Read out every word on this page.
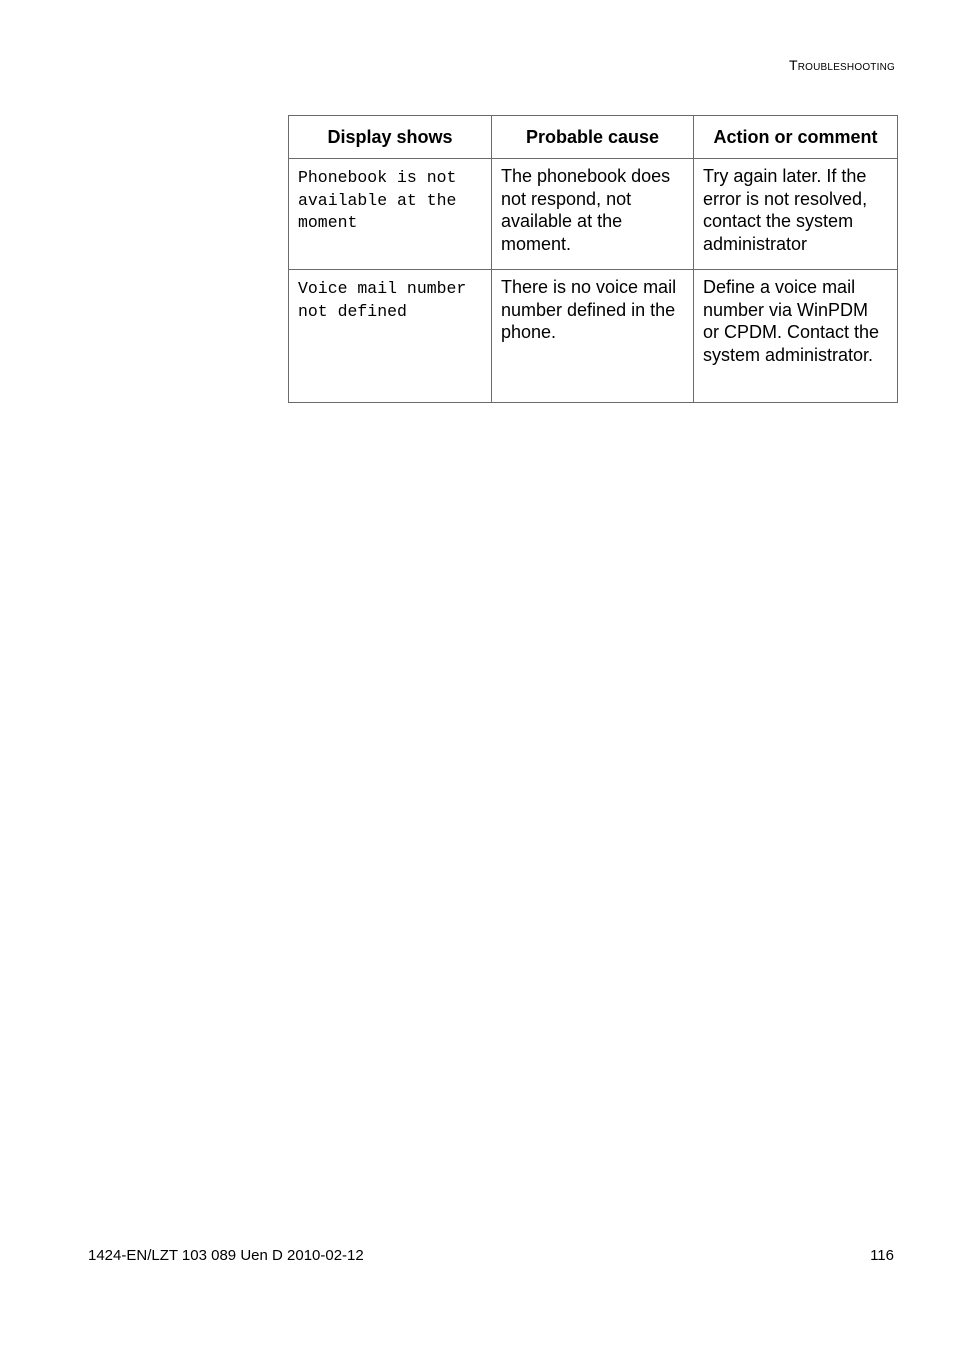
Troubleshooting
Display shows	Probable cause	Action or comment
Phonebook is not available at the moment	The phonebook does not respond, not available at the moment.	Try again later. If the error is not resolved, contact the system administrator
Voice mail number not defined	There is no voice mail number defined in the phone.	Define a voice mail number via WinPDM or CPDM. Contact the system administrator.
1424-EN/LZT 103 089 Uen D 2010-02-12	116
